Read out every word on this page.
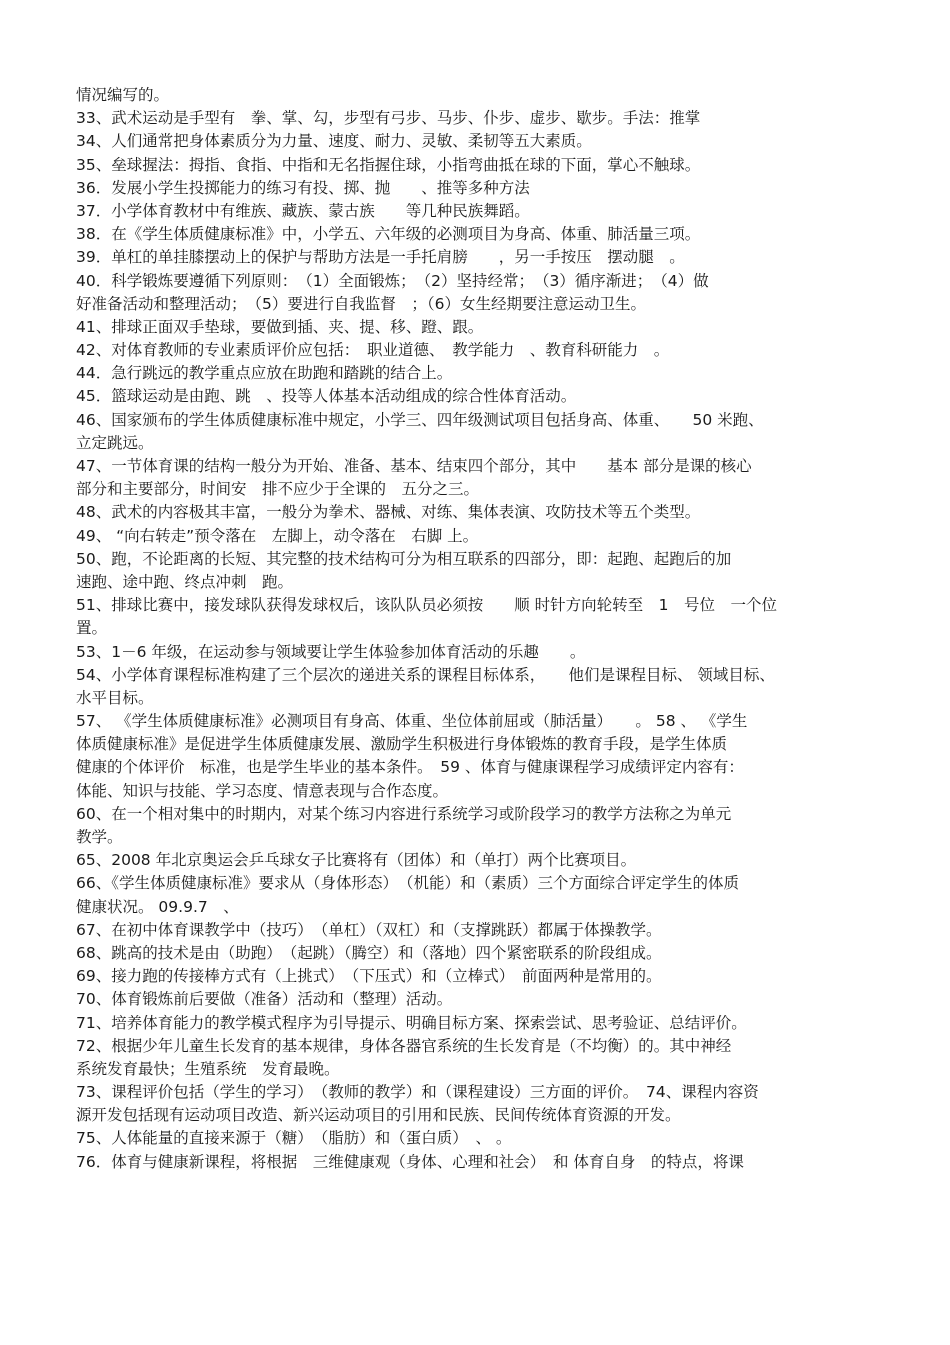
情况编写的。
33、武术运动是手型有　拳、掌、勾，步型有弓步、马步、仆步、虚步、歇步。手法：推掌
34、人们通常把身体素质分为力量、速度、耐力、灵敏、柔韧等五大素质。
35、垒球握法：拇指、食指、中指和无名指握住球，小指弯曲抵在球的下面，掌心不触球。
36．发展小学生投掷能力的练习有投、掷、抛　　、推等多种方法
37．小学体育教材中有维族、藏族、蒙古族　　等几种民族舞蹈。
38．在《学生体质健康标准》中，小学五、六年级的必测项目为身高、体重、肺活量三项。
39．单杠的单挂膝摆动上的保护与帮助方法是一手托肩膀　　，另一手按压　摆动腿　。
40．科学锻炼要遵循下列原则：　（1）全面锻炼；　（2）坚持经常；　（3）循序渐进；　（4）做
好准备活动和整理活动；　（5）要进行自我监督　；（6）女生经期要注意运动卫生。
41、排球正面双手垫球，要做到插、夹、提、移、蹬、跟。
42、对体育教师的专业素质评价应包括：　职业道德、　教学能力　、教育科研能力　。
44．急行跳远的教学重点应放在助跑和踏跳的结合上。
45．篮球运动是由跑、跳　、投等人体基本活动组成的综合性体育活动。
46、国家颁布的学生体质健康标准中规定，小学三、四年级测试项目包括身高、体重、　　50 米跑、
立定跳远。
47、一节体育课的结构一般分为开始、准备、基本、结束四个部分，其中　　基本 部分是课的核心
部分和主要部分，时间安　排不应少于全课的　五分之三。
48、武术的内容极其丰富，一般分为拳术、器械、对练、集体表演、攻防技术等五个类型。
49、 “向右转走”预令落在　左脚上，动令落在　右脚 上。
50、跑，不论距离的长短、其完整的技术结构可分为相互联系的四部分，即：起跑、起跑后的加
速跑、途中跑、终点冲刺　跑。
51、排球比赛中，接发球队获得发球权后，该队队员必须按　　顺 时针方向轮转至　1　号位　一个位
置。
53、1－6 年级，在运动参与领域要让学生体验参加体育活动的乐趣　　。
54、小学体育课程标准构建了三个层次的递进关系的课程目标体系，　　他们是课程目标、 领域目标、
水平目标。
57、 《学生体质健康标准》必测项目有身高、体重、坐位体前屈或（肺活量）　　。 58 、 《学生
体质健康标准》是促进学生体质健康发展、激励学生积极进行身体锻炼的教育手段，是学生体质
健康的个体评价　标准，也是学生毕业的基本条件。　59 、体育与健康课程学习成绩评定内容有：
体能、知识与技能、学习态度、情意表现与合作态度。
60、在一个相对集中的时期内，对某个练习内容进行系统学习或阶段学习的教学方法称之为单元
教学。
65、2008 年北京奥运会乒乓球女子比赛将有（团体）和（单打）两个比赛项目。
66、《学生体质健康标准》要求从（身体形态）　（机能）和（素质）三个方面综合评定学生的体质
健康状况。 09.9.7　、
67、在初中体育课教学中（技巧）　（单杠）（双杠）和（支撑跳跃）都属于体操教学。
68、跳高的技术是由（助跑）　（起跳）（腾空）和（落地）四个紧密联系的阶段组成。
69、接力跑的传接棒方式有（上挑式）　（下压式）和（立棒式）　前面两种是常用的。
70、体育锻炼前后要做（准备）活动和（整理）活动。
71、培养体育能力的教学模式程序为引导提示、明确目标方案、探索尝试、思考验证、总结评价。
72、根据少年儿童生长发育的基本规律，身体各器官系统的生长发育是（不均衡）的。其中神经
系统发育最快；生殖系统　发育最晚。
73、课程评价包括（学生的学习）　（教师的教学）和（课程建设）三方面的评价。　74、课程内容资
源开发包括现有运动项目改造、新兴运动项目的引用和民族、民间传统体育资源的开发。
75、人体能量的直接来源于（糖）　（脂肪）和（蛋白质）　、 。
76．体育与健康新课程，将根据　三维健康观（身体、心理和社会）　和 体育自身　的特点，将课
